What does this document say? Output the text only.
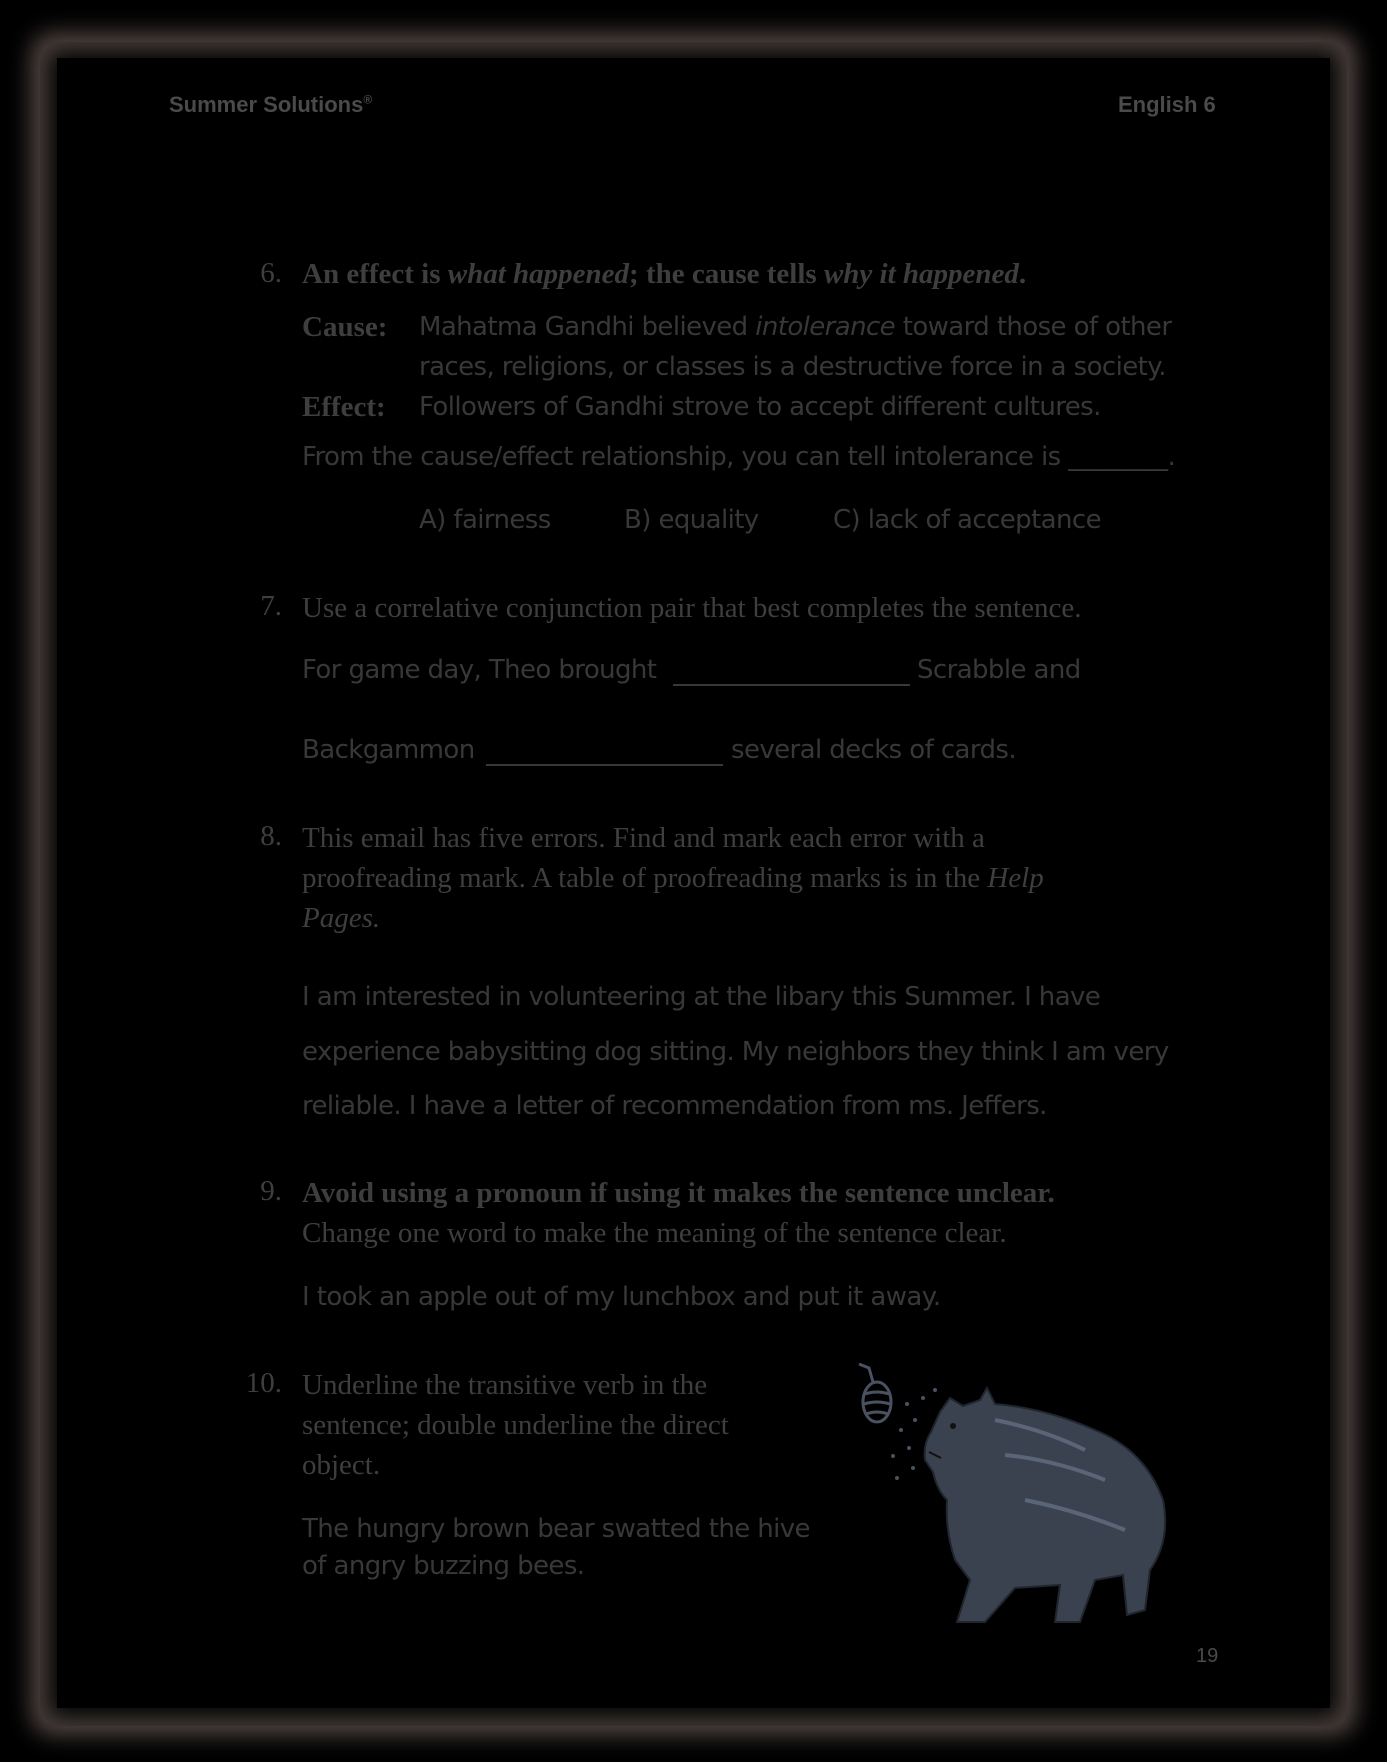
Summer Solutions®	English 6
6. An effect is what happened; the cause tells why it happened.
Cause: Mahatma Gandhi believed intolerance toward those of other
races, religions, or classes is a destructive force in a society.
Effect: Followers of Gandhi strove to accept different cultures.
From the cause/effect relationship, you can tell intolerance is ________.
A) fairness	B) equality	C) lack of acceptance
7. Use a correlative conjunction pair that best completes the sentence.
For game day, Theo brought	Scrabble and
Backgammon	several decks of cards.
8. This email has five errors. Find and mark each error with a
proofreading mark. A table of proofreading marks is in the Help
Pages.
I am interested in volunteering at the libary this Summer. I have
experience babysitting dog sitting. My neighbors they think I am very
reliable. I have a letter of recommendation from ms. Jeffers.
9. Avoid using a pronoun if using it makes the sentence unclear.
Change one word to make the meaning of the sentence clear.
I took an apple out of my lunchbox and put it away.
10. Underline the transitive verb in the
sentence; double underline the direct
object.
The hungry brown bear swatted the hive
of angry buzzing bees.
19
